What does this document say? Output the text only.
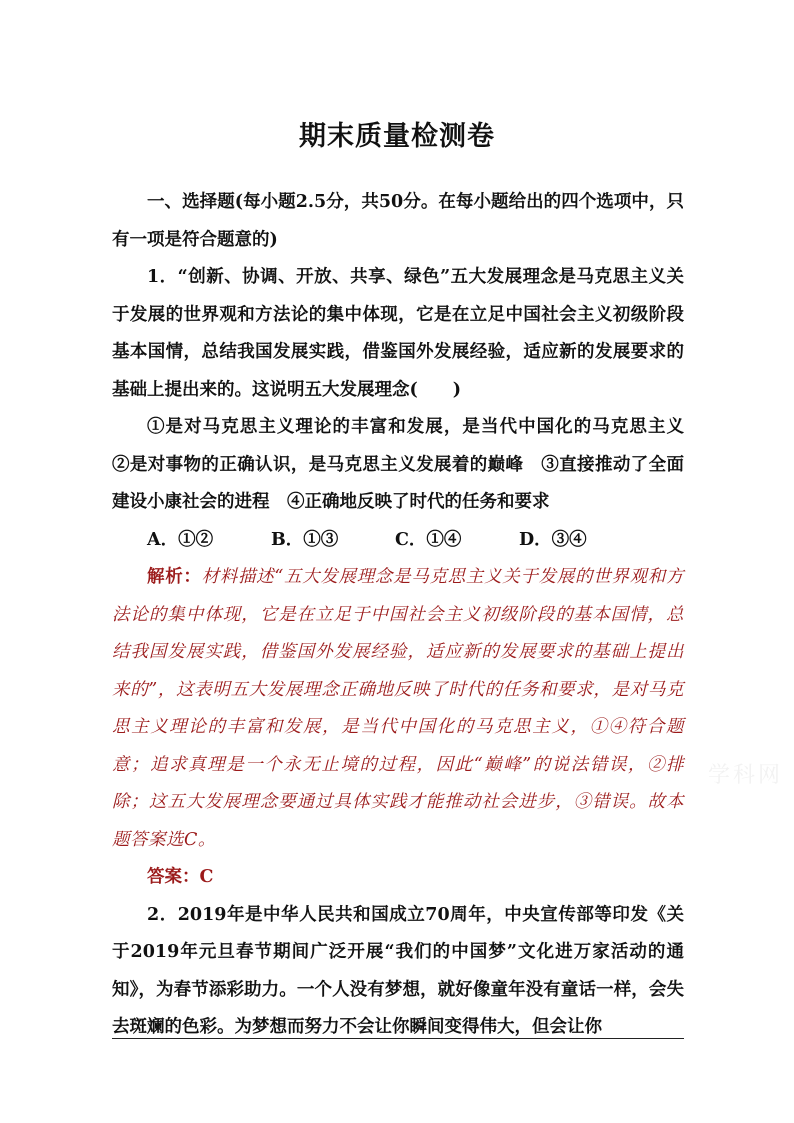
期末质量检测卷

一、选择题(每小题2.5分，共50分。在每小题给出的四个选项中，只有一项是符合题意的)

1．“创新、协调、开放、共享、绿色”五大发展理念是马克思主义关于发展的世界观和方法论的集中体现，它是在立足中国社会主义初级阶段基本国情，总结我国发展实践，借鉴国外发展经验，适应新的发展要求的基础上提出来的。这说明五大发展理念(　　)

①是对马克思主义理论的丰富和发展，是当代中国化的马克思主义　②是对事物的正确认识，是马克思主义发展着的巅峰　③直接推动了全面建设小康社会的进程　④正确地反映了时代的任务和要求

A．①②	B．①③	C．①④	D．③④

解析：材料描述“五大发展理念是马克思主义关于发展的世界观和方法论的集中体现，它是在立足于中国社会主义初级阶段的基本国情，总结我国发展实践，借鉴国外发展经验，适应新的发展要求的基础上提出来的”，这表明五大发展理念正确地反映了时代的任务和要求，是对马克思主义理论的丰富和发展，是当代中国化的马克思主义，①④符合题意；追求真理是一个永无止境的过程，因此“巅峰”的说法错误，②排除；这五大发展理念要通过具体实践才能推动社会进步，③错误。故本题答案选C。

答案：C

2．2019年是中华人民共和国成立70周年，中央宣传部等印发《关于2019年元旦春节期间广泛开展“我们的中国梦”文化进万家活动的通知》，为春节添彩助力。一个人没有梦想，就好像童年没有童话一样，会失去斑斓的色彩。为梦想而努力不会让你瞬间变得伟大，但会让你

学科网
